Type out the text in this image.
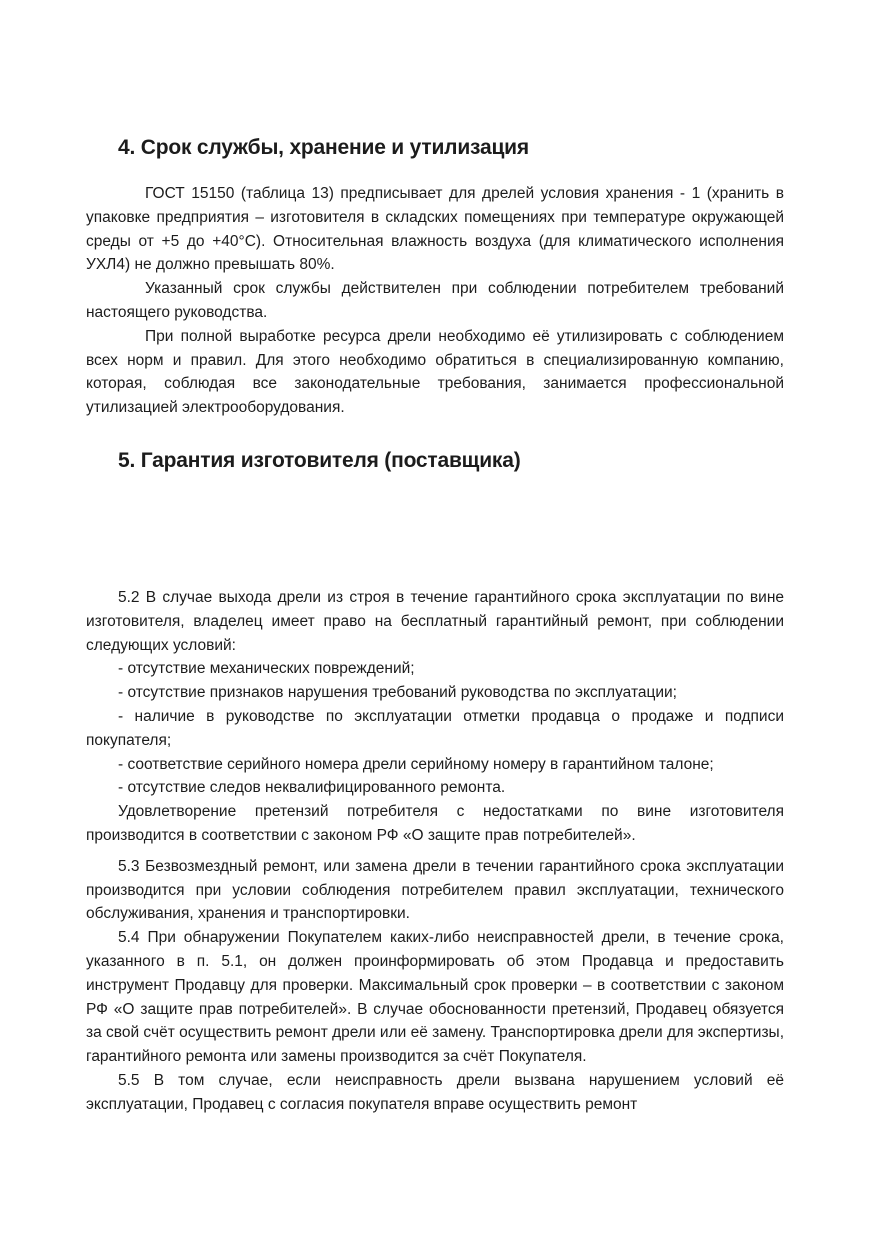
4. Срок службы, хранение и утилизация

ГОСТ 15150 (таблица 13) предписывает для дрелей условия хранения - 1 (хранить в упаковке предприятия – изготовителя в складских помещениях при температуре окружающей среды от +5 до +40°C). Относительная влажность воздуха (для климатического исполнения УХЛ4) не должно превышать 80%.

Указанный срок службы действителен при соблюдении потребителем требований настоящего руководства.

При полной выработке ресурса дрели необходимо её утилизировать с соблюдением всех норм и правил. Для этого необходимо обратиться в специализированную компанию, которая, соблюдая все законодательные требования, занимается профессиональной утилизацией электрооборудования.

5. Гарантия изготовителя (поставщика)

5.2 В случае выхода дрели из строя в течение гарантийного срока эксплуатации по вине изготовителя, владелец имеет право на бесплатный гарантийный ремонт, при соблюдении следующих условий:

- отсутствие механических повреждений;

- отсутствие признаков нарушения требований руководства по эксплуатации;

- наличие в руководстве по эксплуатации отметки продавца о продаже и подписи покупателя;

- соответствие серийного номера дрели серийному номеру в гарантийном талоне;

- отсутствие следов неквалифицированного ремонта.

Удовлетворение претензий потребителя с недостатками по вине изготовителя производится в соответствии с законом РФ «О защите прав потребителей».

5.3 Безвозмездный ремонт, или замена дрели в течении гарантийного срока эксплуатации производится при условии соблюдения потребителем правил эксплуатации, технического обслуживания, хранения и транспортировки.

5.4 При обнаружении Покупателем каких-либо неисправностей дрели, в течение срока, указанного в п. 5.1, он должен проинформировать об этом Продавца и предоставить инструмент Продавцу для проверки. Максимальный срок проверки – в соответствии с законом РФ «О защите прав потребителей». В случае обоснованности претензий, Продавец обязуется за свой счёт осуществить ремонт дрели или её замену. Транспортировка дрели для экспертизы, гарантийного ремонта или замены производится за счёт Покупателя.

5.5 В том случае, если неисправность дрели вызвана нарушением условий её эксплуатации, Продавец с согласия покупателя вправе осуществить ремонт
